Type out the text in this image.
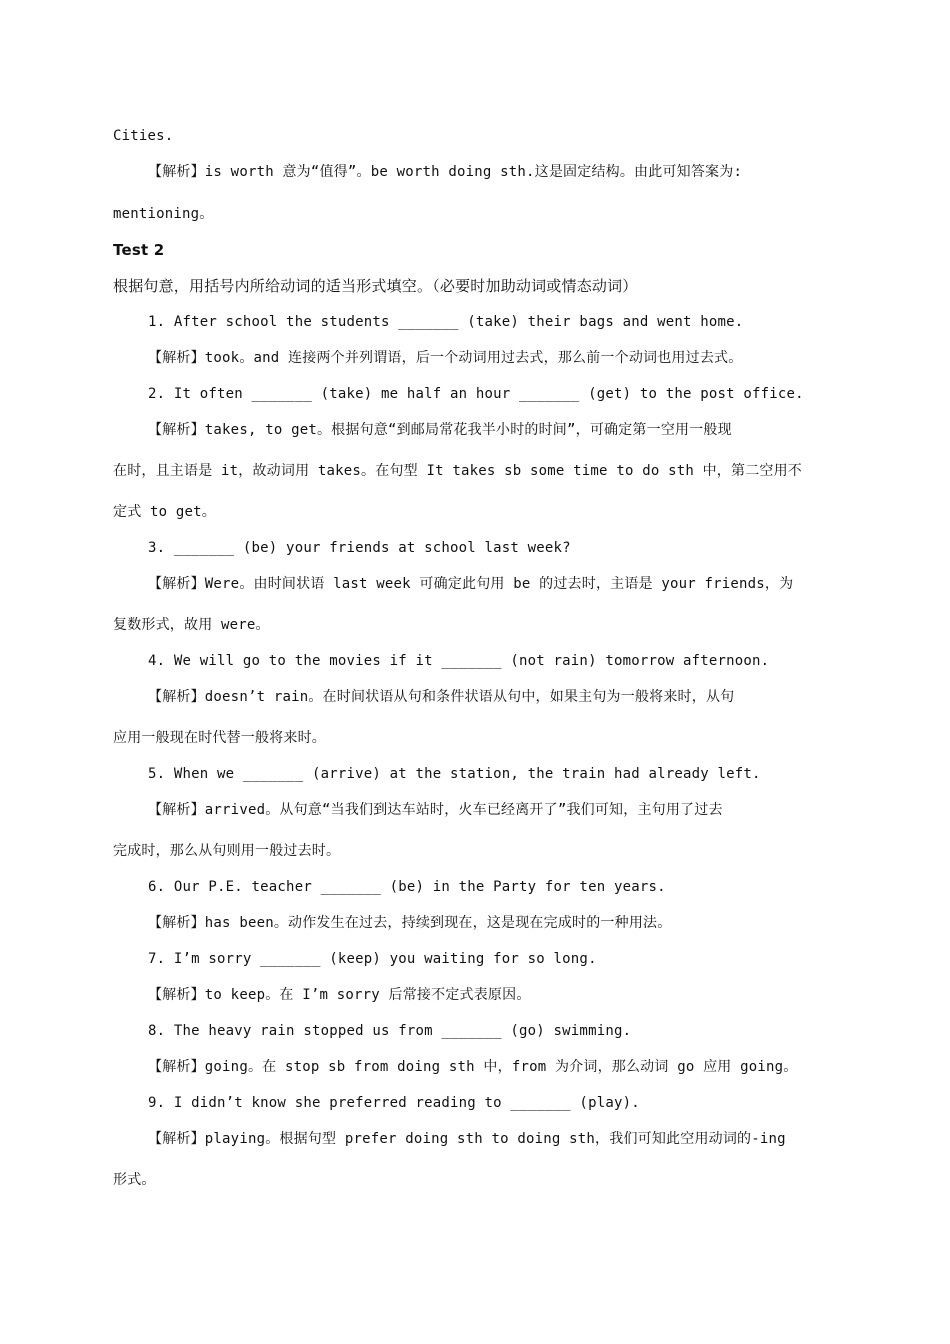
Cities.
【解析】is worth 意为“值得”。be worth doing sth.这是固定结构。由此可知答案为:
mentioning。
Test 2
根据句意，用括号内所给动词的适当形式填空。（必要时加助动词或情态动词）
1. After school the students _______ (take) their bags and went home.
【解析】took。and 连接两个并列谓语，后一个动词用过去式，那么前一个动词也用过去式。
2. It often _______ (take) me half an hour _______ (get) to the post office.
【解析】takes, to get。根据句意“到邮局常花我半小时的时间”，可确定第一空用一般现
在时，且主语是 it，故动词用 takes。在句型 It takes sb some time to do sth 中，第二空用不
定式 to get。
3. _______ (be) your friends at school last week?
【解析】Were。由时间状语 last week 可确定此句用 be 的过去时，主语是 your friends，为
复数形式，故用 were。
4. We will go to the movies if it _______ (not rain) tomorrow afternoon.
【解析】doesn’t rain。在时间状语从句和条件状语从句中，如果主句为一般将来时，从句
应用一般现在时代替一般将来时。
5. When we _______ (arrive) at the station, the train had already left.
【解析】arrived。从句意“当我们到达车站时，火车已经离开了”我们可知，主句用了过去
完成时，那么从句则用一般过去时。
6. Our P.E. teacher _______ (be) in the Party for ten years.
【解析】has been。动作发生在过去，持续到现在，这是现在完成时的一种用法。
7. I’m sorry _______ (keep) you waiting for so long.
【解析】to keep。在 I’m sorry 后常接不定式表原因。
8. The heavy rain stopped us from _______ (go) swimming.
【解析】going。在 stop sb from doing sth 中，from 为介词，那么动词 go 应用 going。
9. I didn’t know she preferred reading to _______ (play).
【解析】playing。根据句型 prefer doing sth to doing sth，我们可知此空用动词的-ing
形式。
